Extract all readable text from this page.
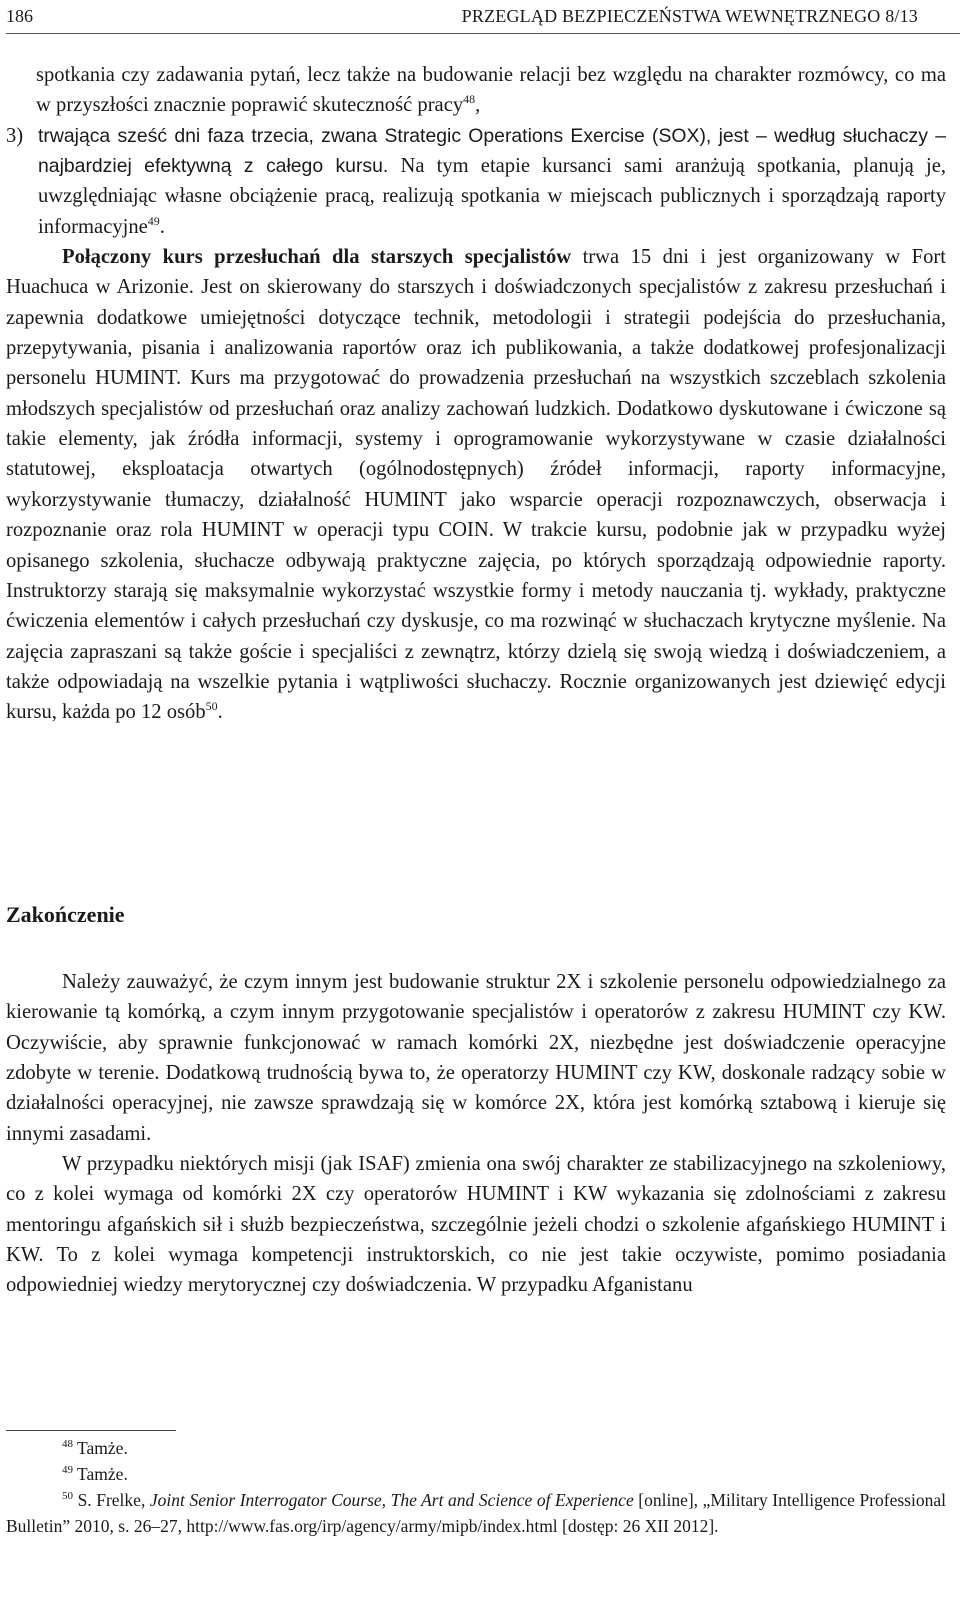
186	PRZEGLĄD BEZPIECZEŃSTWA WEWNĘTRZNEGO 8/13

spotkania czy zadawania pytań, lecz także na budowanie relacji bez względu na charakter rozmówcy, co ma w przyszłości znacznie poprawić skuteczność pracy$^{48}$,

3) trwająca sześć dni faza trzecia, zwana Strategic Operations Exercise (SOX), jest – według słuchaczy – najbardziej efektywną z całego kursu. Na tym etapie kursanci sami aranżują spotkania, planują je, uwzględniając własne obciążenie pracą, realizują spotkania w miejscach publicznych i sporządzają raporty informacyjne$^{49}$.

Połączony kurs przesłuchań dla starszych specjalistów trwa 15 dni i jest organizowany w Fort Huachuca w Arizonie. Jest on skierowany do starszych i doświadczonych specjalistów z zakresu przesłuchań i zapewnia dodatkowe umiejętności dotyczące technik, metodologii i strategii podejścia do przesłuchania, przepytywania, pisania i analizowania raportów oraz ich publikowania, a także dodatkowej profesjonalizacji personelu HUMINT. Kurs ma przygotować do prowadzenia przesłuchań na wszystkich szczeblach szkolenia młodszych specjalistów od przesłuchań oraz analizy zachowań ludzkich. Dodatkowo dyskutowane i ćwiczone są takie elementy, jak źródła informacji, systemy i oprogramowanie wykorzystywane w czasie działalności statutowej, eksploatacja otwartych (ogólnodostępnych) źródeł informacji, raporty informacyjne, wykorzystywanie tłumaczy, działalność HUMINT jako wsparcie operacji rozpoznawczych, obserwacja i rozpoznanie oraz rola HUMINT w operacji typu COIN. W trakcie kursu, podobnie jak w przypadku wyżej opisanego szkolenia, słuchacze odbywają praktyczne zajęcia, po których sporządzają odpowiednie raporty. Instruktorzy starają się maksymalnie wykorzystać wszystkie formy i metody nauczania tj. wykłady, praktyczne ćwiczenia elementów i całych przesłuchań czy dyskusje, co ma rozwinąć w słuchaczach krytyczne myślenie. Na zajęcia zapraszani są także goście i specjaliści z zewnątrz, którzy dzielą się swoją wiedzą i doświadczeniem, a także odpowiadają na wszelkie pytania i wątpliwości słuchaczy. Rocznie organizowanych jest dziewięć edycji kursu, każda po 12 osób$^{50}$.

Zakończenie

Należy zauważyć, że czym innym jest budowanie struktur 2X i szkolenie personelu odpowiedzialnego za kierowanie tą komórką, a czym innym przygotowanie specjalistów i operatorów z zakresu HUMINT czy KW. Oczywiście, aby sprawnie funkcjonować w ramach komórki 2X, niezbędne jest doświadczenie operacyjne zdobyte w terenie. Dodatkową trudnością bywa to, że operatorzy HUMINT czy KW, doskonale radzący sobie w działalności operacyjnej, nie zawsze sprawdzają się w komórce 2X, która jest komórką sztabową i kieruje się innymi zasadami.

W przypadku niektórych misji (jak ISAF) zmienia ona swój charakter ze stabilizacyjnego na szkoleniowy, co z kolei wymaga od komórki 2X czy operatorów HUMINT i KW wykazania się zdolnościami z zakresu mentoringu afgańskich sił i służb bezpieczeństwa, szczególnie jeżeli chodzi o szkolenie afgańskiego HUMINT i KW. To z kolei wymaga kompetencji instruktorskich, co nie jest takie oczywiste, pomimo posiadania odpowiedniej wiedzy merytorycznej czy doświadczenia. W przypadku Afganistanu

$^{48}$ Tamże.

$^{49}$ Tamże.

$^{50}$ S. Frelke, Joint Senior Interrogator Course, The Art and Science of Experience [online], „Military Intelligence Professional Bulletin” 2010, s. 26–27, http://www.fas.org/irp/agency/army/mipb/index.html [dostęp: 26 XII 2012].
